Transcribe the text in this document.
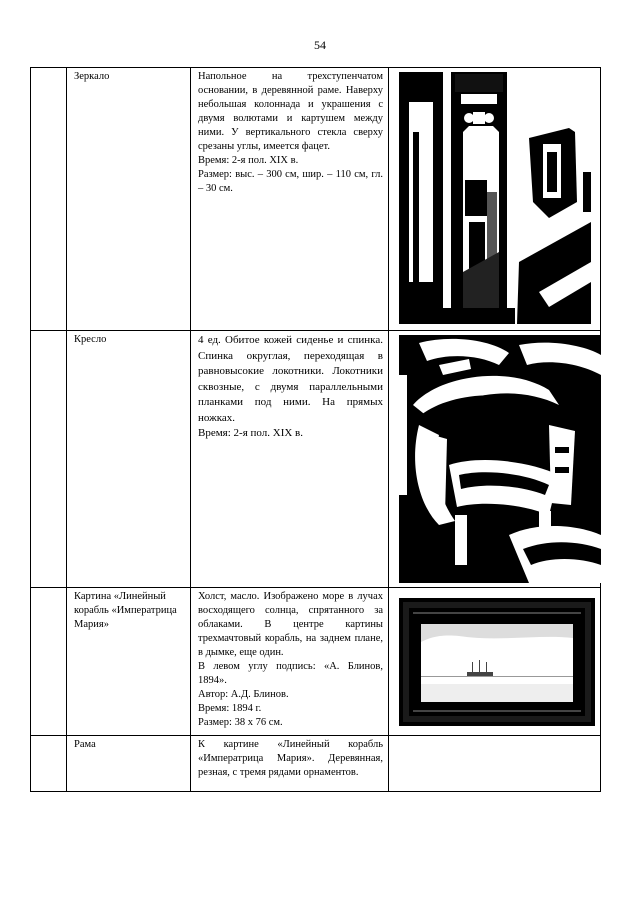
54
	Зеркало	Напольное на трехступенчатом основании, в деревянной раме. Наверху небольшая колоннада и украшения с двумя волютами и картушем между ними. У вертикального стекла сверху срезаны углы, имеется фацет.

Время: 2-я пол. XIX в.

Размер: выс. – 300 см, шир. – 110 см, гл. – 30 см.

	Кресло	4 ед. Обитое кожей сиденье и спинка. Спинка округлая, переходящая в равновысокие локотники. Локотники сквозные, с двумя параллельными планками под ними. На прямых ножках.

Время: 2-я пол. XIX в.

	Картина «Линейный корабль «Императрица Мария»	Холст, масло. Изображено море в лучах восходящего солнца, спрятанного за облаками. В центре картины трехмачтовый корабль, на заднем плане, в дымке, еще один.

В левом углу подпись: «А. Блинов, 1894».

Автор: А.Д. Блинов.

Время: 1894 г.

Размер: 38 х 76 см.

	Рама	К картине «Линейный корабль «Императрица Мария». Деревянная, резная, с тремя рядами орнаментов.	
